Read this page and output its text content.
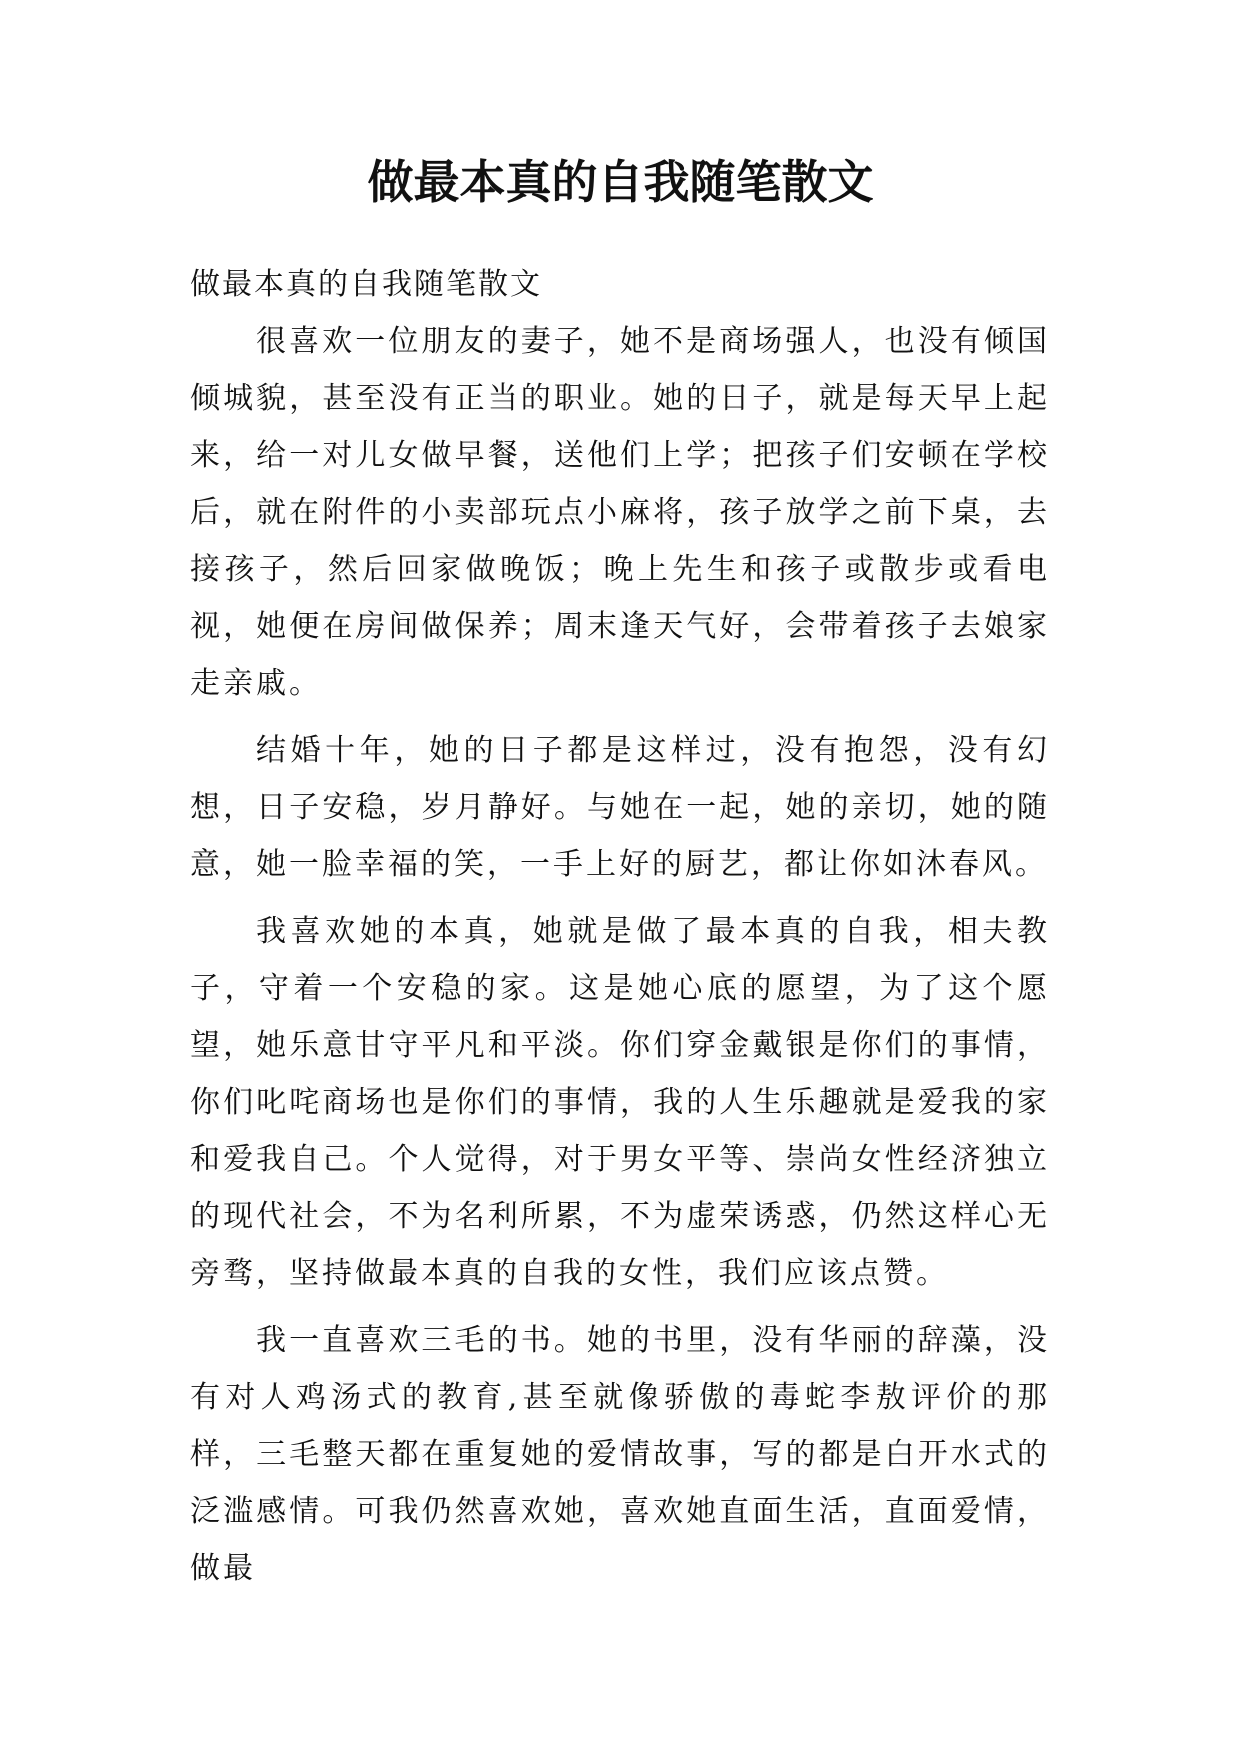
做最本真的自我随笔散文

做最本真的自我随笔散文

很喜欢一位朋友的妻子，她不是商场强人，也没有倾国倾城貌，甚至没有正当的职业。她的日子，就是每天早上起来，给一对儿女做早餐，送他们上学；把孩子们安顿在学校后，就在附件的小卖部玩点小麻将，孩子放学之前下桌，去接孩子，然后回家做晚饭；晚上先生和孩子或散步或看电视，她便在房间做保养；周末逢天气好，会带着孩子去娘家走亲戚。

结婚十年，她的日子都是这样过，没有抱怨，没有幻想，日子安稳，岁月静好。与她在一起，她的亲切，她的随意，她一脸幸福的笑，一手上好的厨艺，都让你如沐春风。

我喜欢她的本真，她就是做了最本真的自我，相夫教子，守着一个安稳的家。这是她心底的愿望，为了这个愿望，她乐意甘守平凡和平淡。你们穿金戴银是你们的事情，你们叱咤商场也是你们的事情，我的人生乐趣就是爱我的家和爱我自己。个人觉得，对于男女平等、崇尚女性经济独立的现代社会，不为名利所累，不为虚荣诱惑，仍然这样心无旁骛，坚持做最本真的自我的女性，我们应该点赞。

我一直喜欢三毛的书。她的书里，没有华丽的辞藻，没有对人鸡汤式的教育,甚至就像骄傲的毒蛇李敖评价的那样，三毛整天都在重复她的爱情故事，写的都是白开水式的泛滥感情。可我仍然喜欢她，喜欢她直面生活，直面爱情，做最
